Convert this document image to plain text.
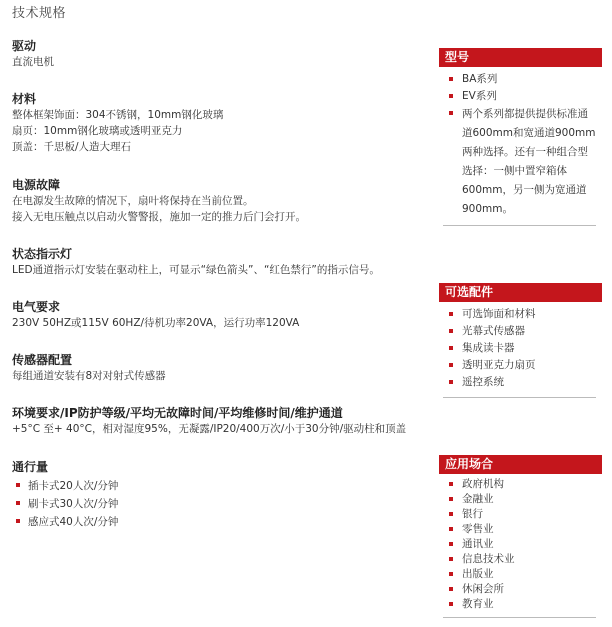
技术规格
驱动
直流电机
材料
整体框架饰面：304不锈钢，10mm钢化玻璃
扇页：10mm钢化玻璃或透明亚克力
顶盖：千思板/人造大理石
电源故障
在电源发生故障的情况下，扇叶将保持在当前位置。
接入无电压触点以启动火警警报，施加一定的推力后门会打开。
状态指示灯
LED通道指示灯安装在驱动柱上，可显示“绿色箭头”、“红色禁行”的指示信号。
电气要求
230V 50HZ或115V 60HZ/待机功率20VA，运行功率120VA
传感器配置
每组通道安装有8对对射式传感器
环境要求/IP防护等级/平均无故障时间/平均维修时间/维护通道
+5°C 至+ 40°C，相对湿度95%，无凝露/IP20/400万次/小于30分钟/驱动柱和顶盖
通行量
插卡式20人次/分钟
刷卡式30人次/分钟
感应式40人次/分钟
型号
BA系列
EV系列
两个系列都提供提供标准通道600mm和宽通道900mm两种选择。还有一种组合型选择：一侧中置窄箱体600mm，另一侧为宽通道900mm。
可选配件
可选饰面和材料
光幕式传感器
集成读卡器
透明亚克力扇页
遥控系统
应用场合
政府机构
金融业
银行
零售业
通讯业
信息技术业
出版业
休闲会所
教育业
